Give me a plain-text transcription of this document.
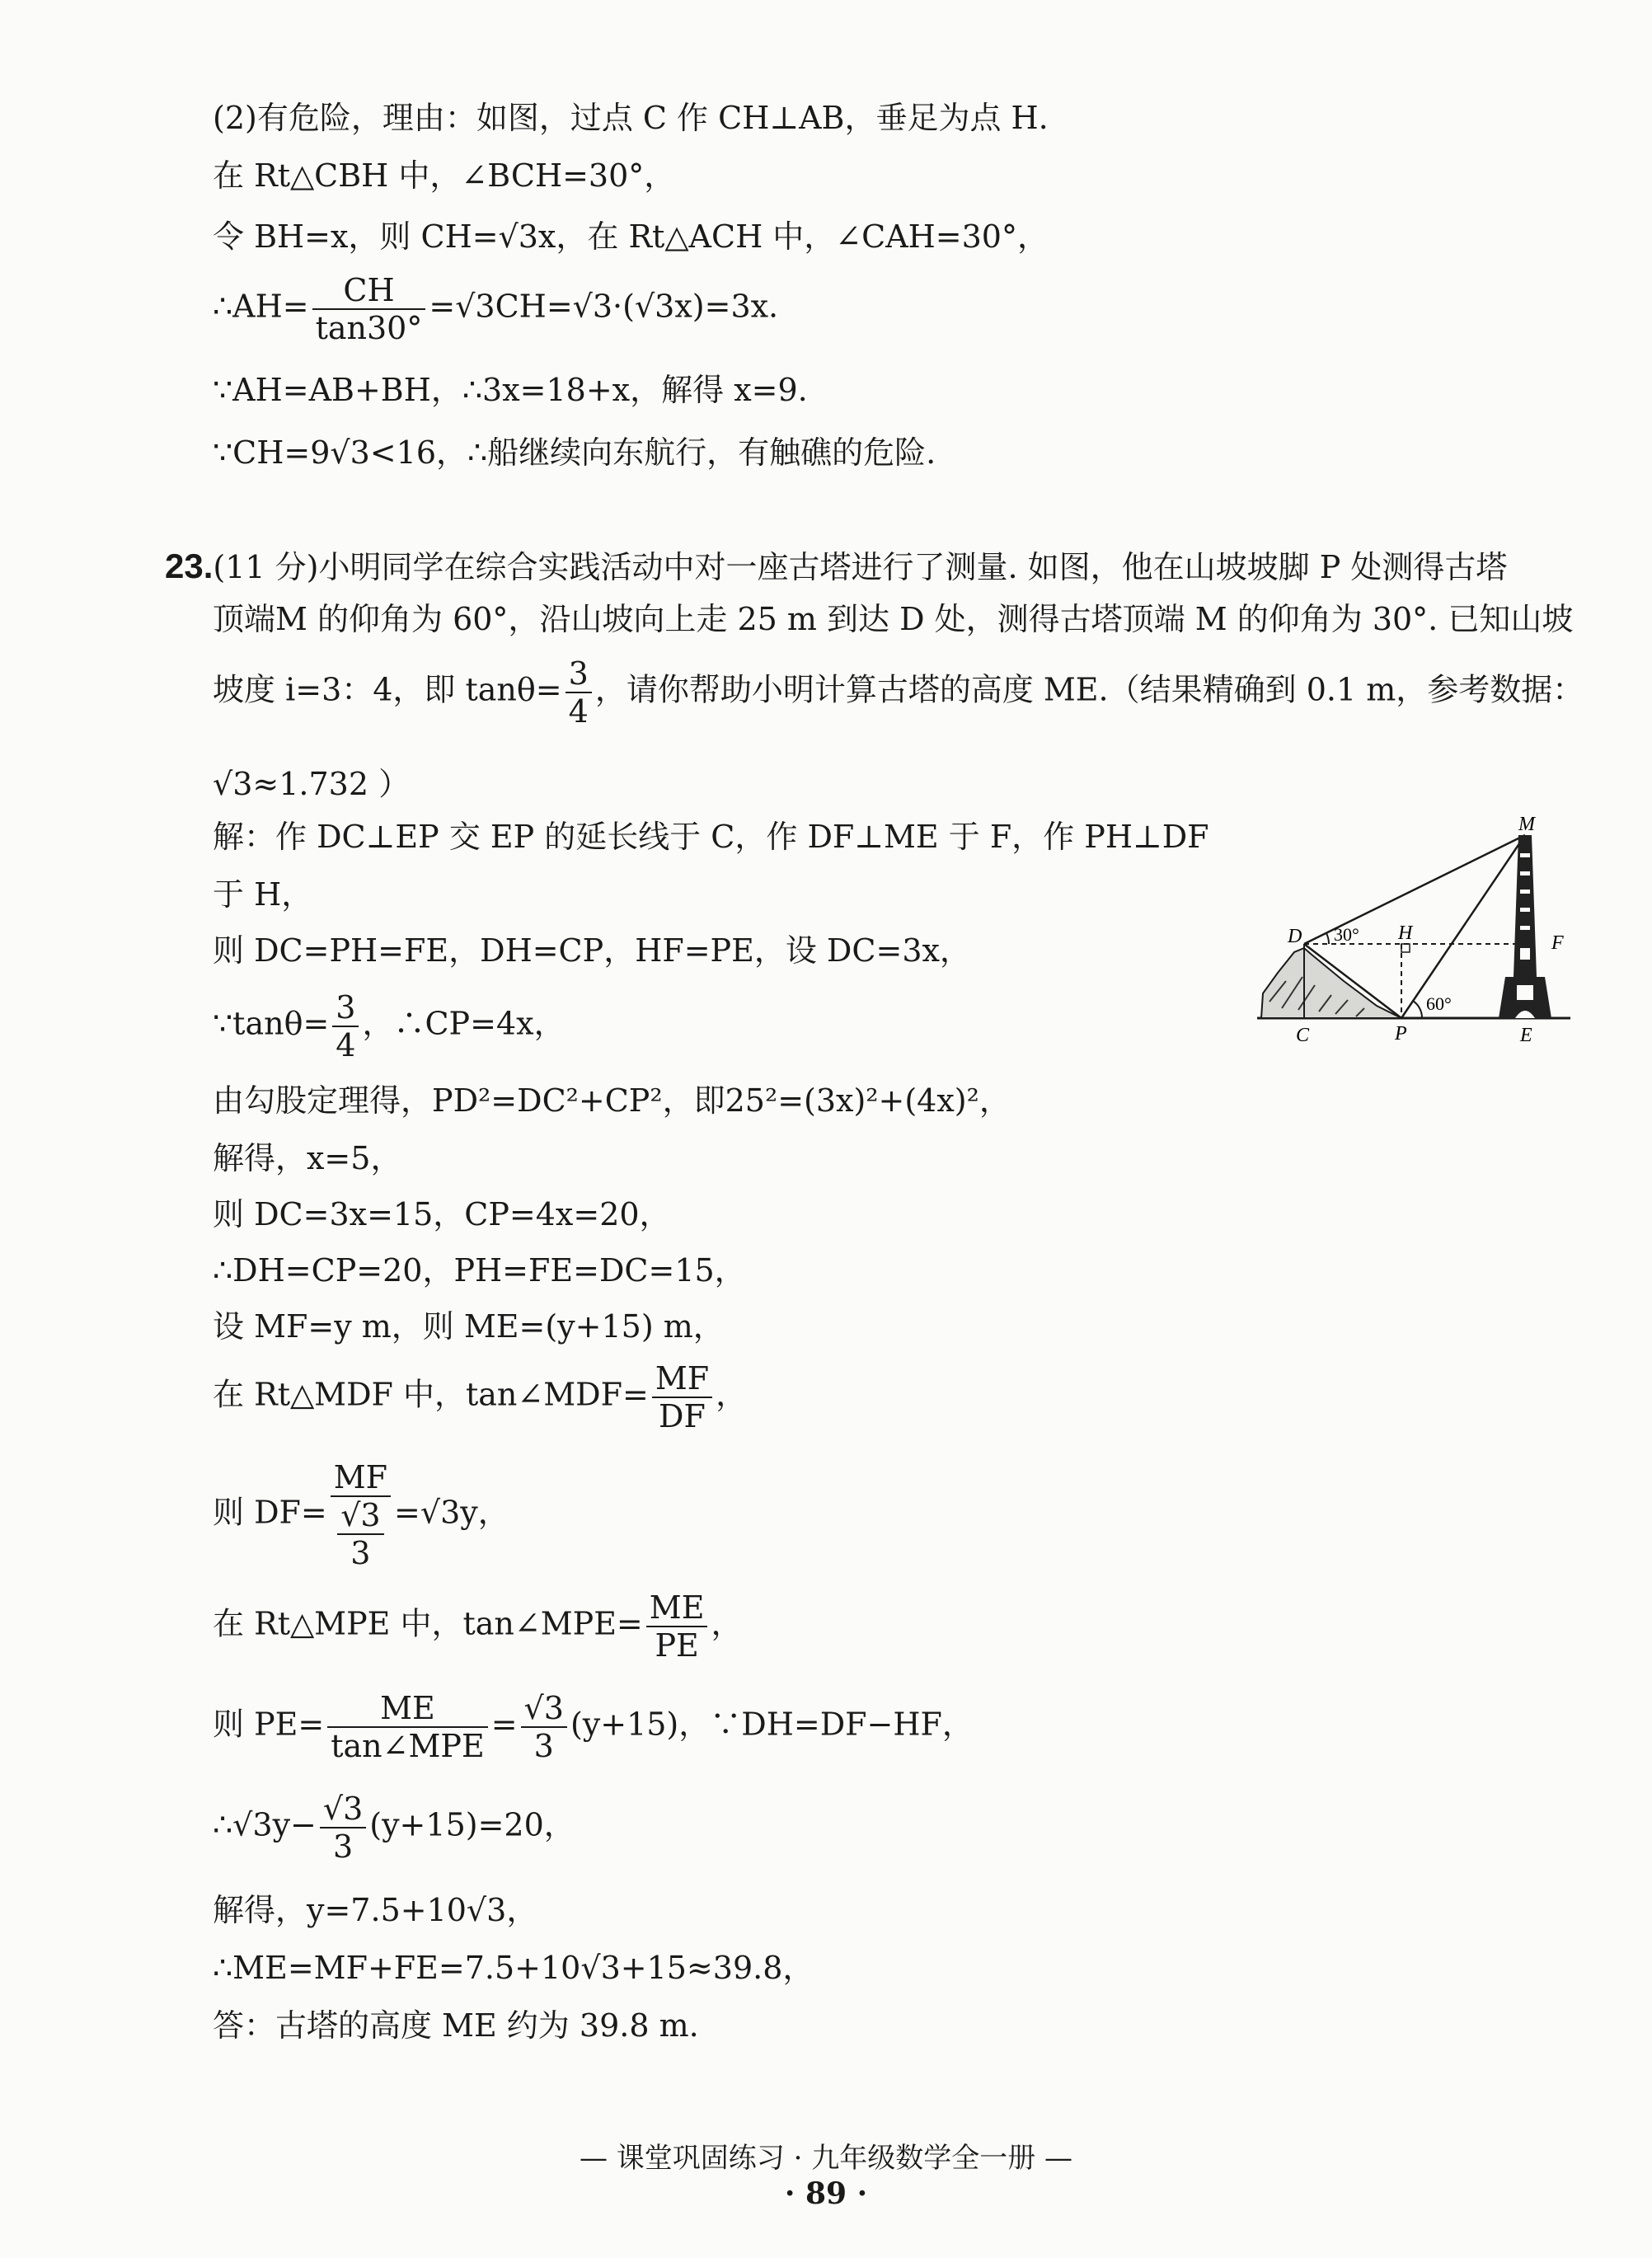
(2)有危险，理由：如图，过点 C 作 CH⊥AB，垂足为点 H.
在 Rt△CBH 中，∠BCH=30°，
令 BH=x，则 CH=√3x，在 Rt△ACH 中，∠CAH=30°，
∴AH= $\frac{CH}{\tan 30^\circ} =√3CH=√3\cdot(√3x)=3x$.
∵AH=AB+BH，∴3x=18+x，解得 x=9.
∵CH=9√3<16，∴船继续向东航行，有触礁的危险.
23.(11 分)小明同学在综合实践活动中对一座古塔进行了测量. 如图，他在山坡坡脚 P 处测得古塔
顶端M 的仰角为 60°，沿山坡向上走 25 m 到达 D 处，测得古塔顶端 M 的仰角为 30°. 已知山坡
坡度 i=3：4，即 $\tan\theta= \frac{3}{4}$ ，请你帮助小明计算古塔的高度 ME.（结果精确到 0.1 m，参考数据：
√3≈1.732 ）
解：作 DC⊥EP 交 EP 的延长线于 C，作 DF⊥ME 于 F，作 PH⊥DF
于 H，
则 DC=PH=FE，DH=CP，HF=PE，设 DC=3x，
∵tanθ= $\frac{3}{4}$ ，∴CP=4x，
由勾股定理得，PD²=DC²+CP²，即25²=(3x)²+(4x)²，
解得，x=5，
则 DC=3x=15，CP=4x=20，
∴DH=CP=20，PH=FE=DC=15，
设 MF=y m，则 ME=(y+15) m，
在 Rt△MDF 中，tan∠MDF= $\frac{MF}{DF}$ ，
则 $DF= \frac{MF}{\frac{√3}{3}} =√3y$，
在 Rt△MPE 中，tan∠MPE= $\frac{ME}{PE}$ ，
则 $PE= \frac{ME}{\text{tan∠MPE}} = \frac{√3}{3} (y+15)$，∵DH=DF−HF，
∴√3y− $\frac{√3}{3} (y+15)=20$，
解得，y=7.5+10√3，
∴ME=MF+FE=7.5+10√3+15≈39.8，
答：古塔的高度 ME 约为 39.8 m.
M
D	H	F
C	P	E
30°
60°
— 课堂巩固练习 · 九年级数学全一册 —
· 89 ·
